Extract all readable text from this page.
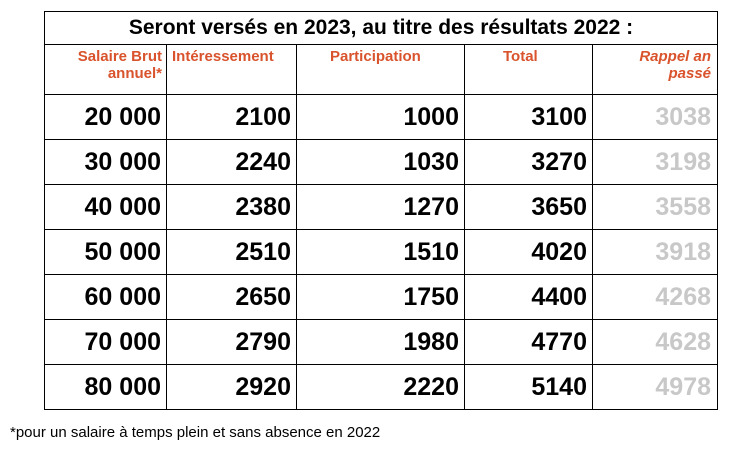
Seront versés en 2023, au titre des résultats 2022 :				
Salaire Brut annuel*	Intéressement	Participation	Total	Rappel an passé
20 000	2100	1000	3100	3038
30 000	2240	1030	3270	3198
40 000	2380	1270	3650	3558
50 000	2510	1510	4020	3918
60 000	2650	1750	4400	4268
70 000	2790	1980	4770	4628
80 000	2920	2220	5140	4978
*pour un salaire à temps plein et sans absence en 2022
